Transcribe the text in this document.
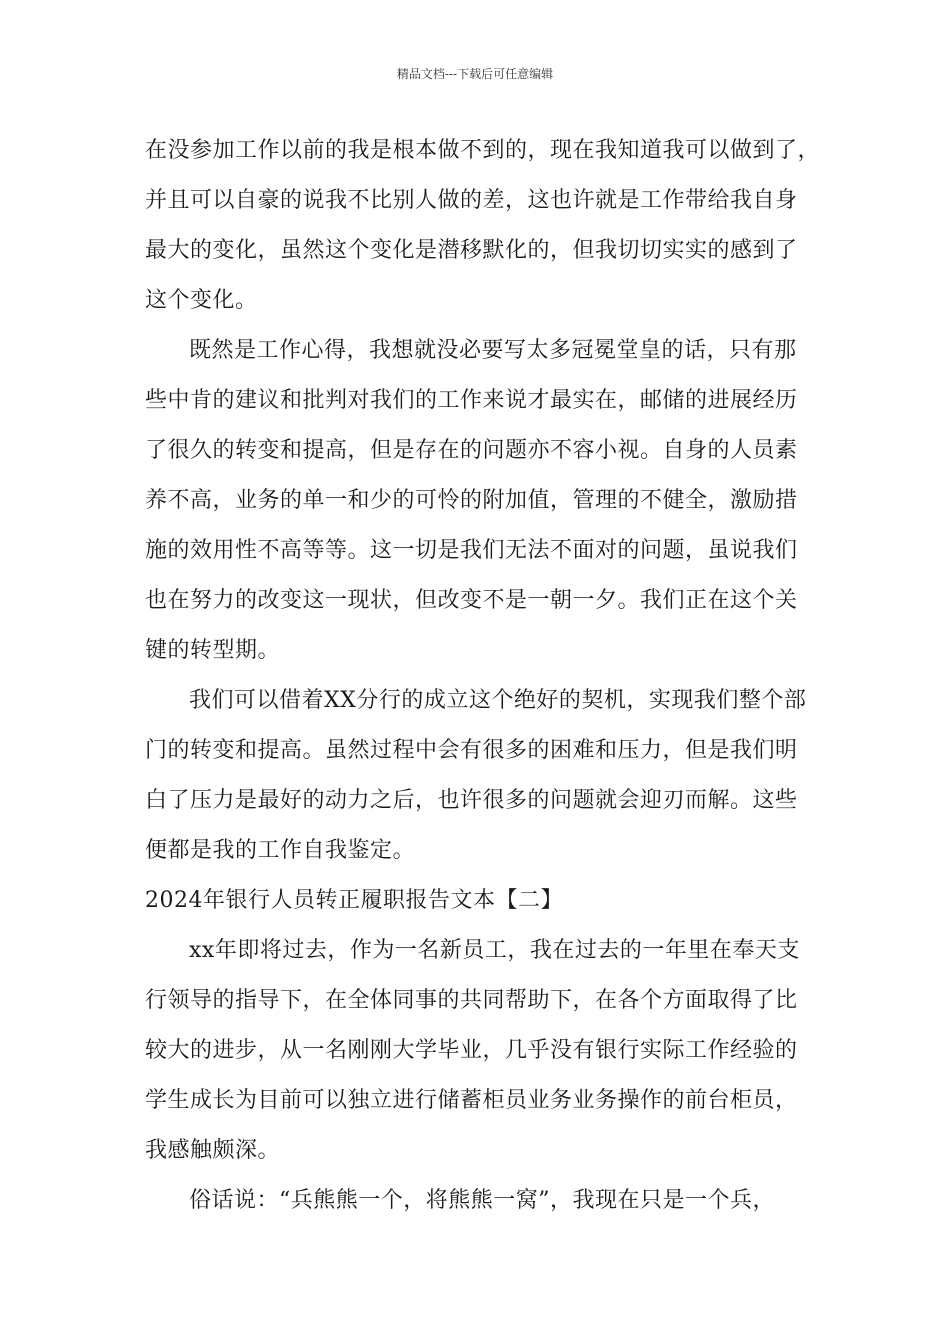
精品文档---下载后可任意编辑
在没参加工作以前的我是根本做不到的，现在我知道我可以做到了，
并且可以自豪的说我不比别人做的差，这也许就是工作带给我自身
最大的变化，虽然这个变化是潜移默化的，但我切切实实的感到了
这个变化。
既然是工作心得，我想就没必要写太多冠冕堂皇的话，只有那
些中肯的建议和批判对我们的工作来说才最实在，邮储的进展经历
了很久的转变和提高，但是存在的问题亦不容小视。自身的人员素
养不高，业务的单一和少的可怜的附加值，管理的不健全，激励措
施的效用性不高等等。这一切是我们无法不面对的问题，虽说我们
也在努力的改变这一现状，但改变不是一朝一夕。我们正在这个关
键的转型期。
我们可以借着XX分行的成立这个绝好的契机，实现我们整个部
门的转变和提高。虽然过程中会有很多的困难和压力，但是我们明
白了压力是最好的动力之后，也许很多的问题就会迎刃而解。这些
便都是我的工作自我鉴定。
2024年银行人员转正履职报告文本【二】
xx年即将过去，作为一名新员工，我在过去的一年里在奉天支
行领导的指导下，在全体同事的共同帮助下，在各个方面取得了比
较大的进步，从一名刚刚大学毕业，几乎没有银行实际工作经验的
学生成长为目前可以独立进行储蓄柜员业务业务操作的前台柜员，
我感触颇深。
俗话说：“兵熊熊一个，将熊熊一窝”，我现在只是一个兵，
